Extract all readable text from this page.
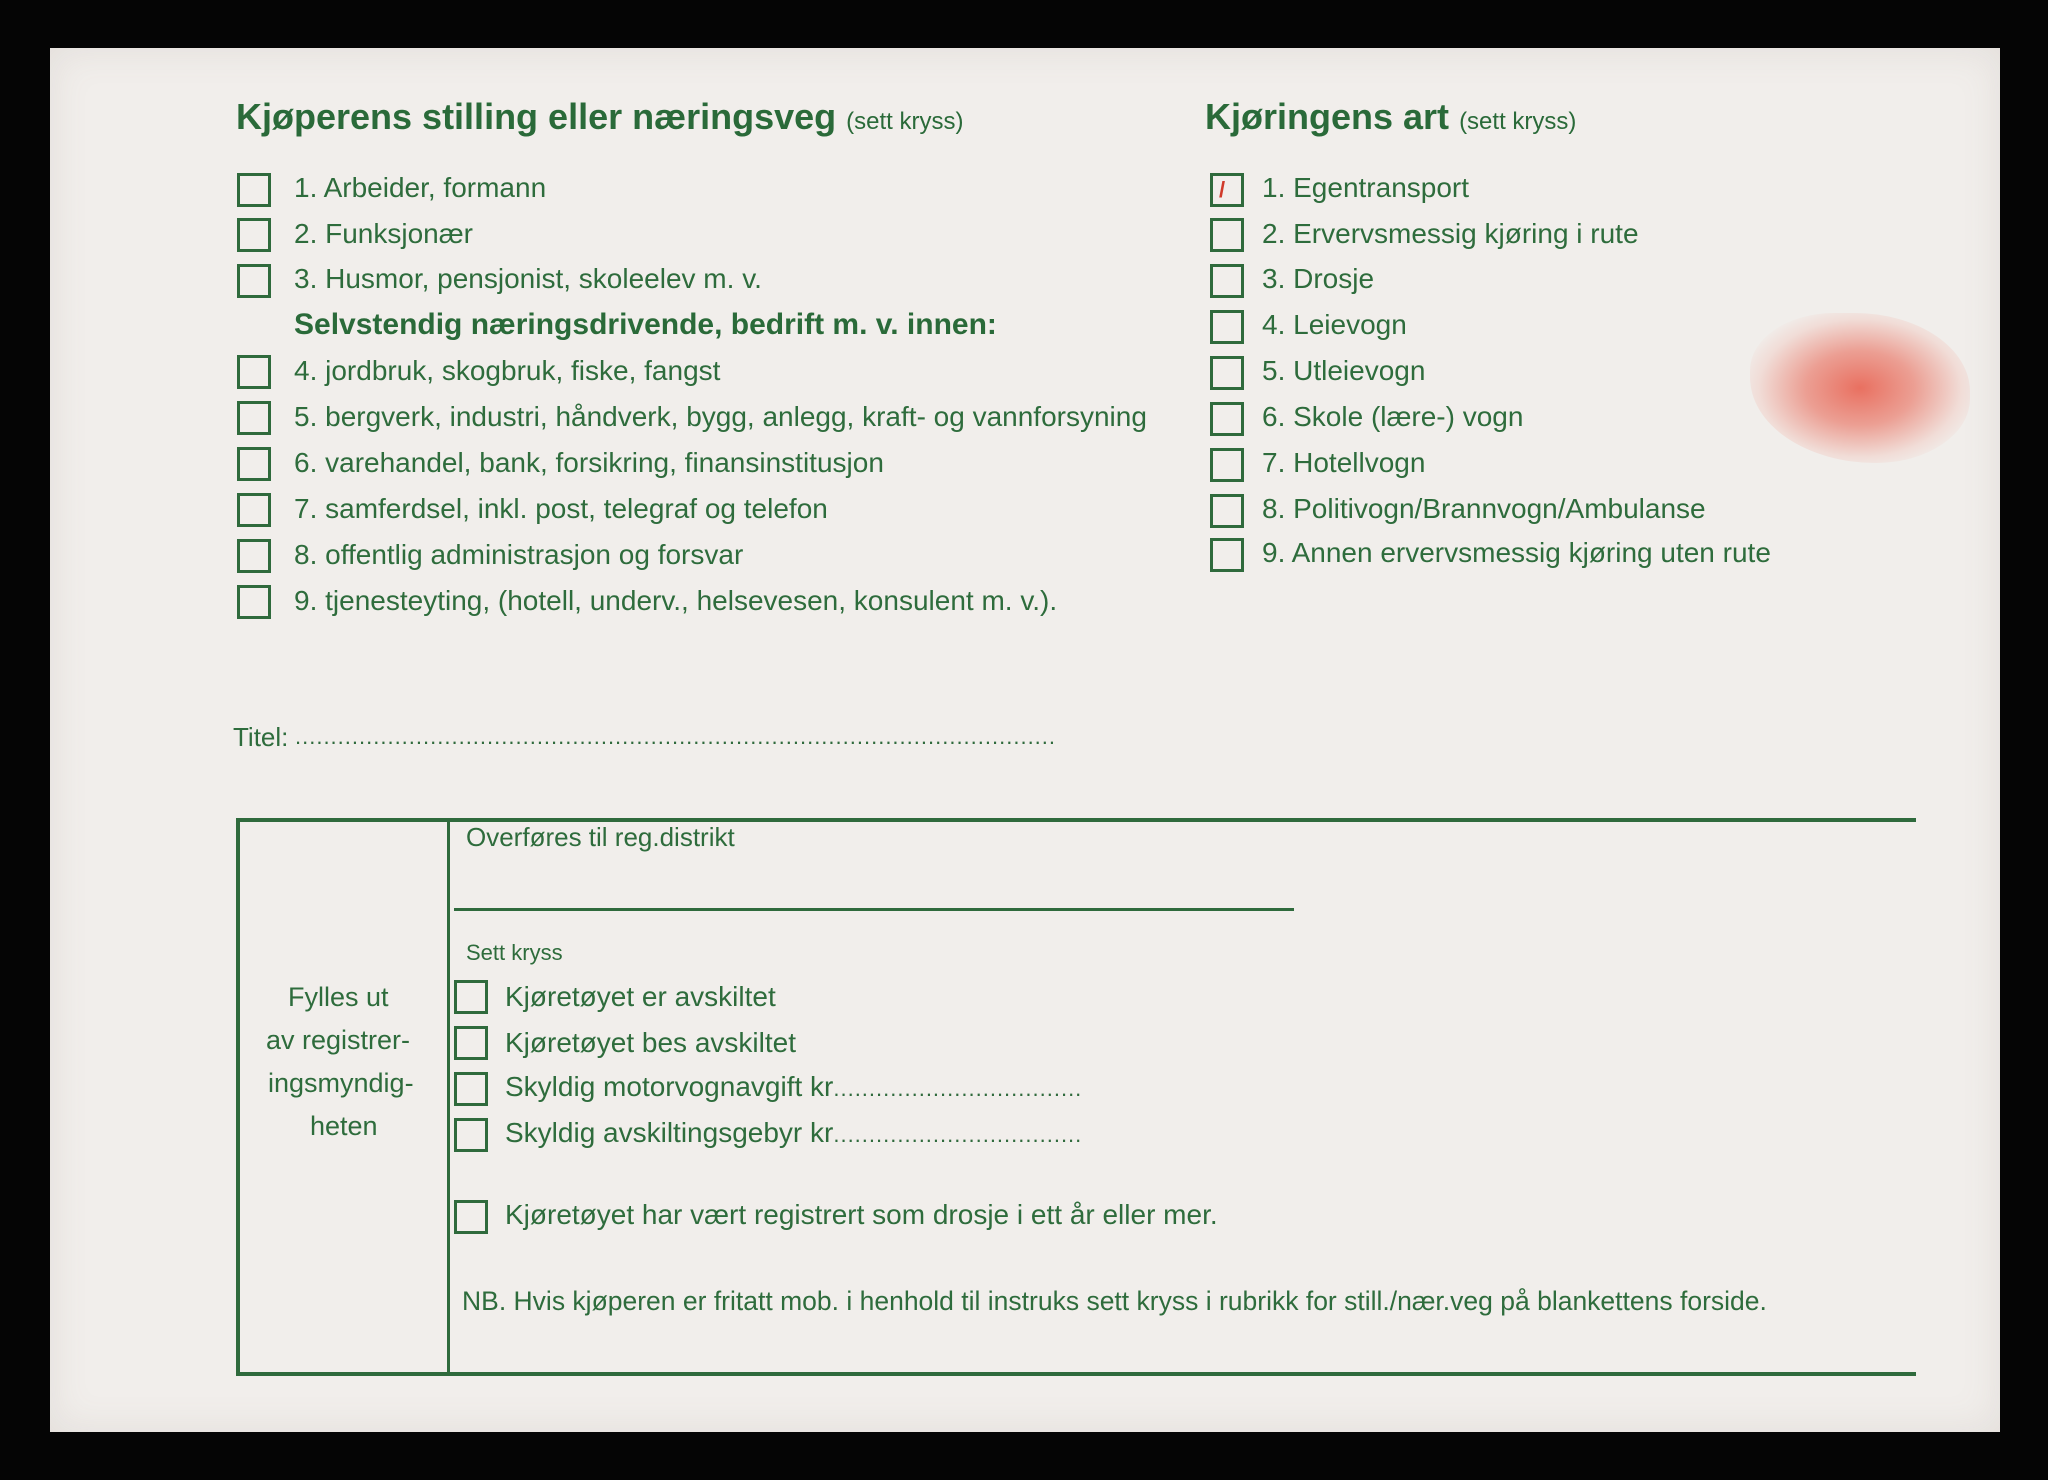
Kjøperens stilling eller næringsveg (sett kryss)
1. Arbeider, formann
2. Funksjonær
3. Husmor, pensjonist, skoleelev m. v.
Selvstendig næringsdrivende, bedrift m. v. innen:
4. jordbruk, skogbruk, fiske, fangst
5. bergverk, industri, håndverk, bygg, anlegg, kraft- og vannforsyning
6. varehandel, bank, forsikring, finansinstitusjon
7. samferdsel, inkl. post, telegraf og telefon
8. offentlig administrasjon og forsvar
9. tjenesteyting, (hotell, underv., helsevesen, konsulent m. v.).
Kjøringens art (sett kryss)
/ 1. Egentransport
2. Ervervsmessig kjøring i rute
3. Drosje
4. Leievogn
5. Utleievogn
6. Skole (lære-) vogn
7. Hotellvogn
8. Politivogn/Brannvogn/Ambulanse
9. Annen ervervsmessig kjøring uten rute
Titel: ...........................................................................................................
Fylles ut
av registrer-
ingsmyndig-
heten
Overføres til reg.distrikt
Sett kryss
Kjøretøyet er avskiltet
Kjøretøyet bes avskiltet
Skyldig motorvognavgift kr...................................
Skyldig avskiltingsgebyr kr...................................
Kjøretøyet har vært registrert som drosje i ett år eller mer.
NB. Hvis kjøperen er fritatt mob. i henhold til instruks sett kryss i rubrikk for still./nær.veg på blankettens forside.
